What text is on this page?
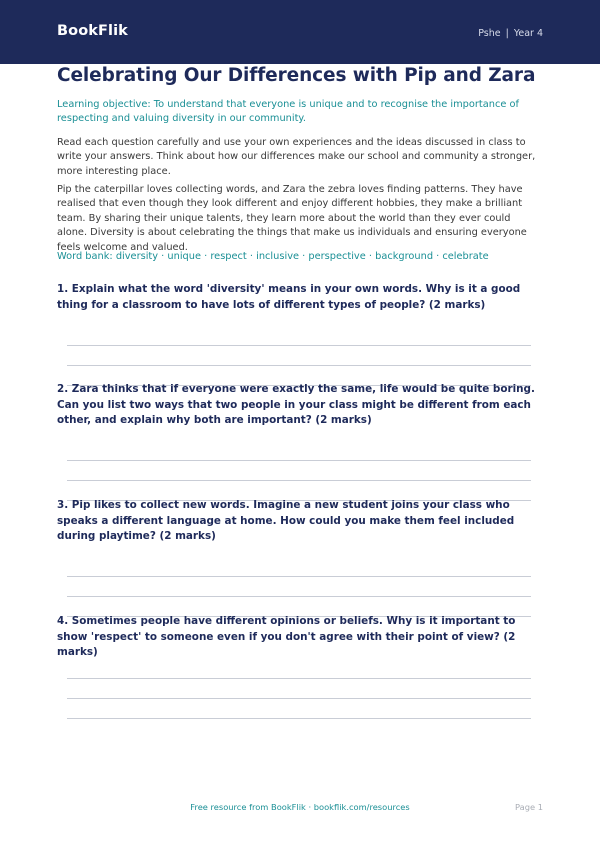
BookFlik	Pshe | Year 4
Celebrating Our Differences with Pip and Zara

Learning objective: To understand that everyone is unique and to recognise the importance of respecting and valuing diversity in our community.

Read each question carefully and use your own experiences and the ideas discussed in class to write your answers. Think about how our differences make our school and community a stronger, more interesting place.

Pip the caterpillar loves collecting words, and Zara the zebra loves finding patterns. They have realised that even though they look different and enjoy different hobbies, they make a brilliant team. By sharing their unique talents, they learn more about the world than they ever could alone. Diversity is about celebrating the things that make us individuals and ensuring everyone feels welcome and valued.

Word bank: diversity · unique · respect · inclusive · perspective · background · celebrate

1. Explain what the word 'diversity' means in your own words. Why is it a good thing for a classroom to have lots of different types of people? (2 marks)
2. Zara thinks that if everyone were exactly the same, life would be quite boring. Can you list two ways that two people in your class might be different from each other, and explain why both are important? (2 marks)
3. Pip likes to collect new words. Imagine a new student joins your class who speaks a different language at home. How could you make them feel included during playtime? (2 marks)
4. Sometimes people have different opinions or beliefs. Why is it important to show 'respect' to someone even if you don't agree with their point of view? (2 marks)
Free resource from BookFlik · bookflik.com/resources	Page 1
